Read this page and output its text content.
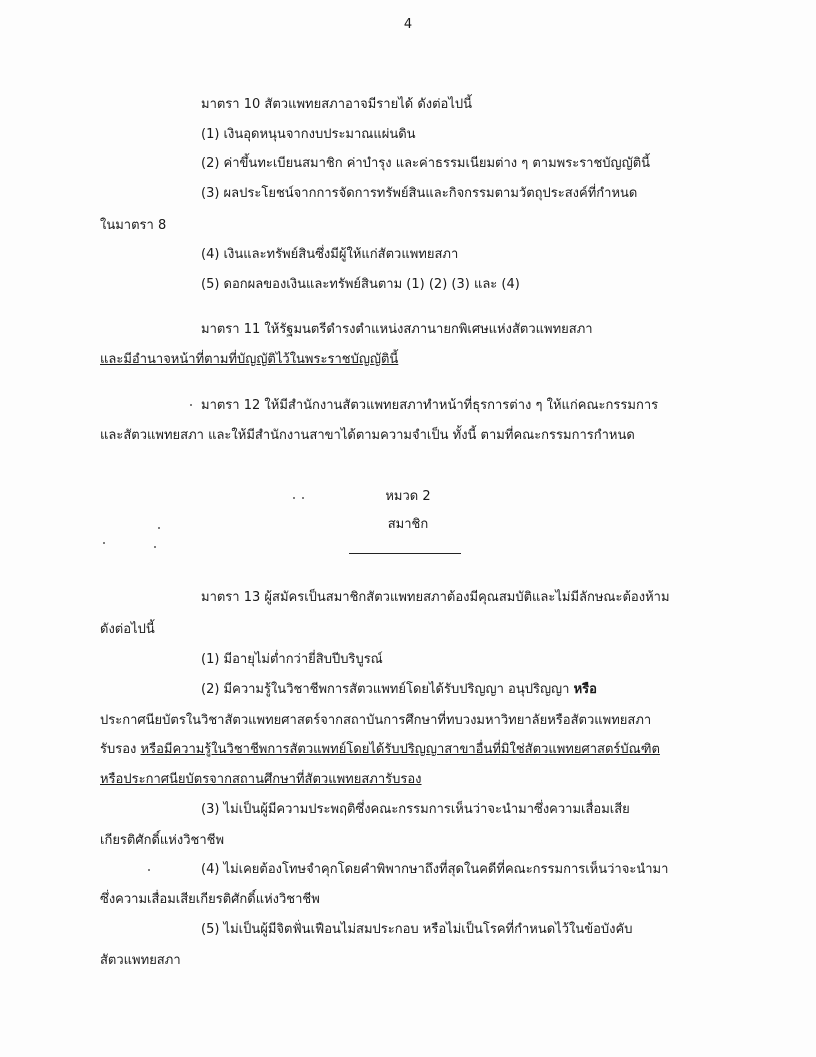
4
มาตรา 10 สัตวแพทยสภาอาจมีรายได้ ดังต่อไปนี้
(1) เงินอุดหนุนจากงบประมาณแผ่นดิน
(2) ค่าขึ้นทะเบียนสมาชิก ค่าบำรุง และค่าธรรมเนียมต่าง ๆ ตามพระราชบัญญัตินี้
(3) ผลประโยชน์จากการจัดการทรัพย์สินและกิจกรรมตามวัตถุประสงค์ที่กำหนด
ในมาตรา 8
(4) เงินและทรัพย์สินซึ่งมีผู้ให้แก่สัตวแพทยสภา
(5) ดอกผลของเงินและทรัพย์สินตาม (1) (2) (3) และ (4)
มาตรา 11 ให้รัฐมนตรีดำรงตำแหน่งสภานายกพิเศษแห่งสัตวแพทยสภา
และมีอำนาจหน้าที่ตามที่บัญญัติไว้ในพระราชบัญญัตินี้
มาตรา 12 ให้มีสำนักงานสัตวแพทยสภาทำหน้าที่ธุรการต่าง ๆ ให้แก่คณะกรรมการ
และสัตวแพทยสภา และให้มีสำนักงานสาขาได้ตามความจำเป็น ทั้งนี้ ตามที่คณะกรรมการกำหนด
หมวด 2
สมาชิก
มาตรา 13 ผู้สมัครเป็นสมาชิกสัตวแพทยสภาต้องมีคุณสมบัติและไม่มีลักษณะต้องห้าม
ดังต่อไปนี้
(1) มีอายุไม่ต่ำกว่ายี่สิบปีบริบูรณ์
(2) มีความรู้ในวิชาชีพการสัตวแพทย์โดยได้รับปริญญา อนุปริญญา หรือ
ประกาศนียบัตรในวิชาสัตวแพทยศาสตร์จากสถาบันการศึกษาที่ทบวงมหาวิทยาลัยหรือสัตวแพทยสภา
รับรอง หรือมีความรู้ในวิชาชีพการสัตวแพทย์โดยได้รับปริญญาสาขาอื่นที่มิใช่สัตวแพทยศาสตร์บัณฑิต
หรือประกาศนียบัตรจากสถานศึกษาที่สัตวแพทยสภารับรอง
(3) ไม่เป็นผู้มีความประพฤติซึ่งคณะกรรมการเห็นว่าจะนำมาซึ่งความเสื่อมเสีย
เกียรติศักดิ์แห่งวิชาชีพ
(4) ไม่เคยต้องโทษจำคุกโดยคำพิพากษาถึงที่สุดในคดีที่คณะกรรมการเห็นว่าจะนำมา
ซึ่งความเสื่อมเสียเกียรติศักดิ์แห่งวิชาชีพ
(5) ไม่เป็นผู้มีจิตฟั่นเฟือนไม่สมประกอบ หรือไม่เป็นโรคที่กำหนดไว้ในข้อบังคับ
สัตวแพทยสภา
